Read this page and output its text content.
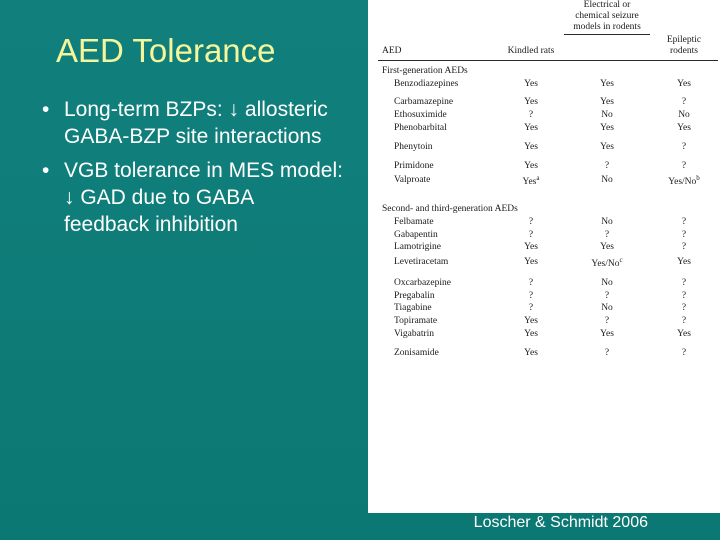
AED Tolerance
• Long-term BZPs: ↓ allosteric GABA-BZP site interactions
• VGB tolerance in MES model: ↓ GAD due to GABA feedback inhibition
		Electrical or chemical seizure models in rodents	
AED	Kindled rats		Epileptic rodents
First-generation AEDs			
Benzodiazepines	Yes	Yes	Yes

Carbamazepine	Yes	Yes	?
Ethosuximide	?	No	No
Phenobarbital	Yes	Yes	Yes

Phenytoin	Yes	Yes	?

Primidone	Yes	?	?
Valproate	Yes$^a$	No	Yes/No$^b$

Second- and third-generation AEDs			
Felbamate	?	No	?
Gabapentin	?	?	?
Lamotrigine	Yes	Yes	?
Levetiracetam	Yes	Yes/No$^c$	Yes

Oxcarbazepine	?	No	?
Pregabalin	?	?	?
Tiagabine	?	No	?
Topiramate	Yes	?	?
Vigabatrin	Yes	Yes	Yes

Zonisamide	Yes	?	?
Loscher & Schmidt 2006
